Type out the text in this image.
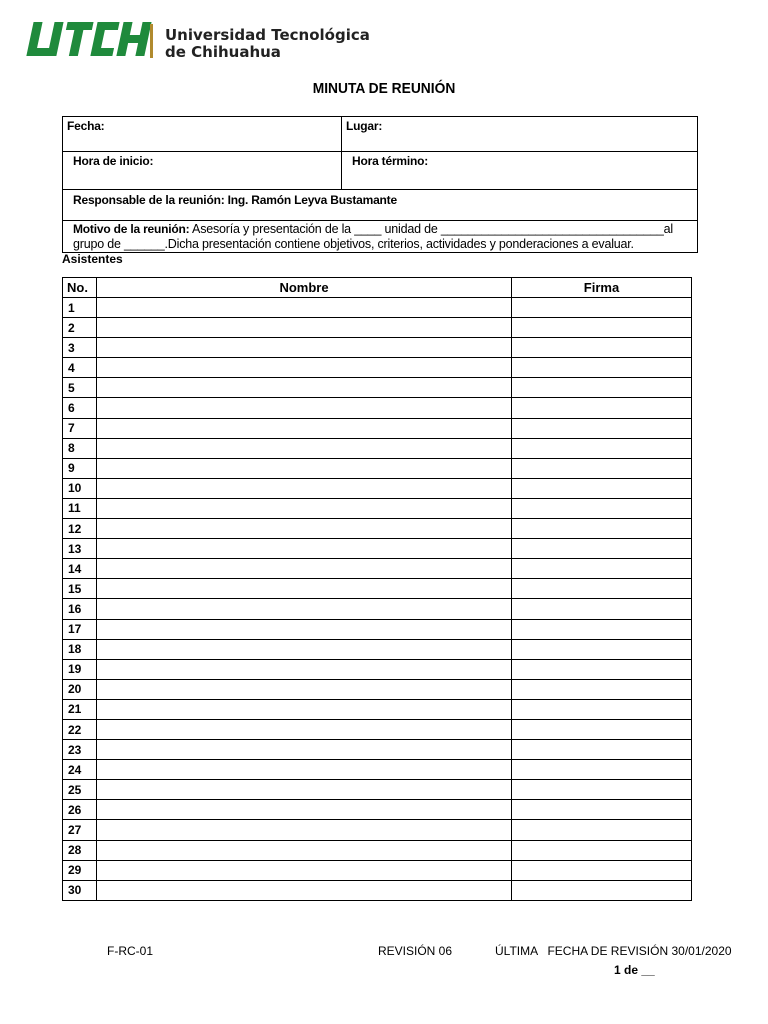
Universidad Tecnológica
de Chihuahua
MINUTA DE REUNIÓN
Fecha:	Lugar:
Hora de inicio:	Hora término:
Responsable de la reunión: Ing. Ramón Leyva Bustamante	
Motivo de la reunión: Asesoría y presentación de la ____ unidad de _________________________________al
grupo de ______.Dicha presentación contiene objetivos, criterios, actividades y ponderaciones a evaluar.	
Asistentes
No.	Nombre	Firma
1		
2		
3		
4		
5		
6		
7		
8		
9		
10		
11		
12		
13		
14		
15		
16		
17		
18		
19		
20		
21		
22		
23		
24		
25		
26		
27		
28		
29		
30		
F-RC-01	REVISIÓN 06	ÚLTIMA   FECHA DE REVISIÓN 30/01/2020
1 de __
